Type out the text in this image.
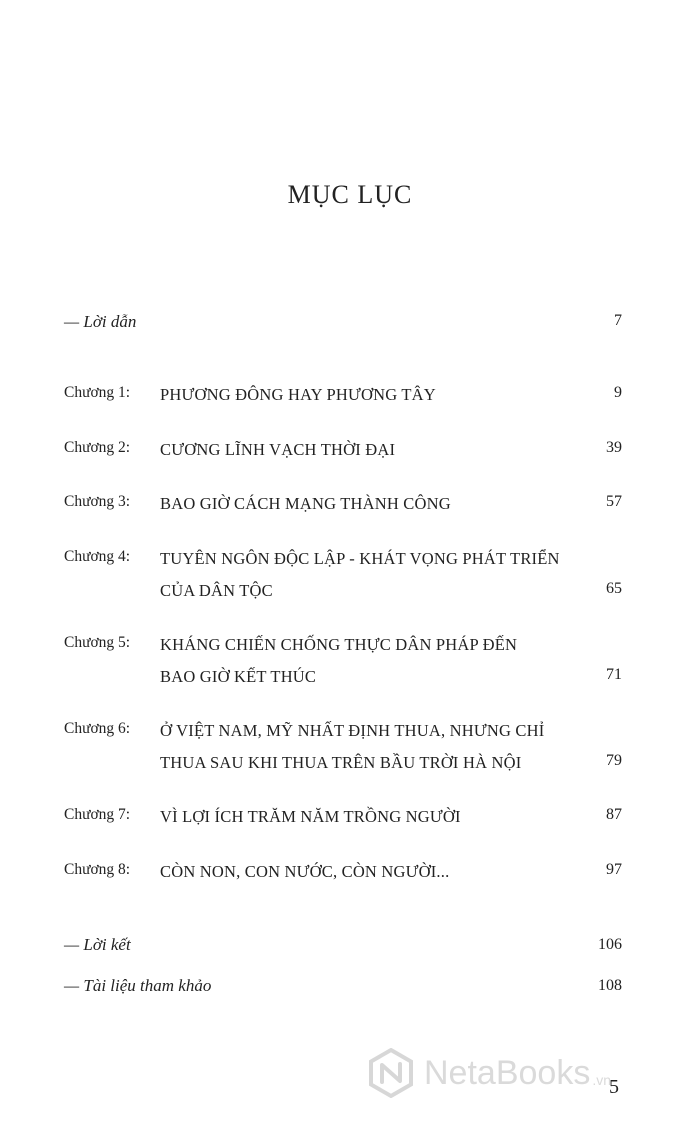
MỤC LỤC
— Lời dẫn	7
Chương 1: PHƯƠNG ĐÔNG HAY PHƯƠNG TÂY	9
Chương 2: CƯƠNG LĨNH VẠCH THỜI ĐẠI	39
Chương 3: BAO GIỜ CÁCH MẠNG THÀNH CÔNG	57
Chương 4: TUYÊN NGÔN ĐỘC LẬP - KHÁT VỌNG PHÁT TRIỂN
CỦA DÂN TỘC	65
Chương 5: KHÁNG CHIẾN CHỐNG THỰC DÂN PHÁP ĐẾN
BAO GIỜ KẾT THÚC	71
Chương 6: Ở VIỆT NAM, MỸ NHẤT ĐỊNH THUA, NHƯNG CHỈ
THUA SAU KHI THUA TRÊN BẦU TRỜI HÀ NỘI	79
Chương 7: VÌ LỢI ÍCH TRĂM NĂM TRỒNG NGƯỜI	87
Chương 8: CÒN NON, CON NƯỚC, CÒN NGƯỜI...	97
— Lời kết	106
— Tài liệu tham khảo	108
NetaBooks .vn
5
